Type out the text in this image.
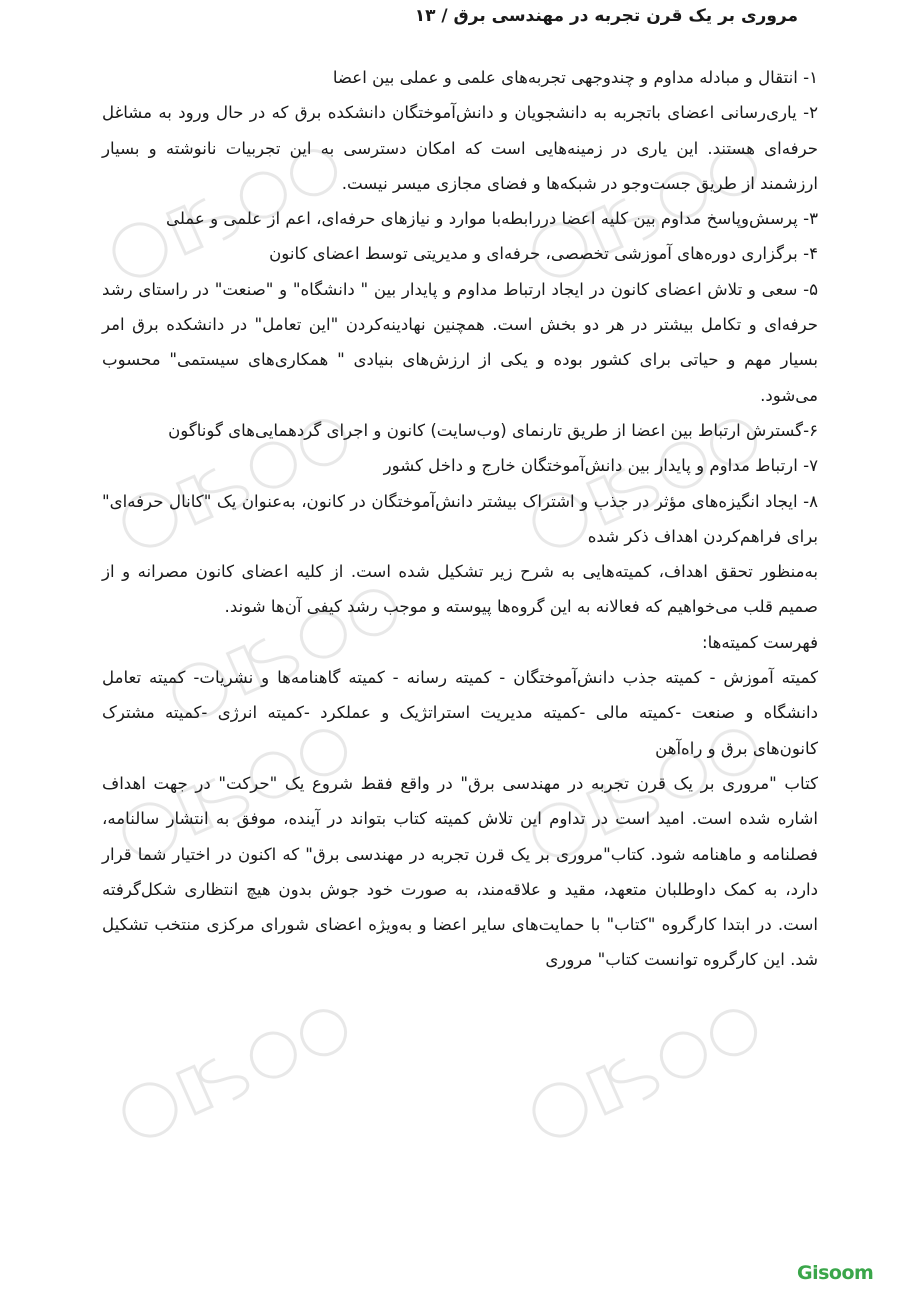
مروری بر یک قرن تجربه در مهندسی برق / ۱۳

۱- انتقال و مبادله مداوم و چندوجهی تجربه‌های علمی و عملی بین اعضا

۲- یاری‌رسانی اعضای باتجربه به دانشجویان و دانش‌آموختگان دانشکده برق که در حال ورود به مشاغل حرفه‌ای هستند. این یاری در زمینه‌هایی است که امکان دسترسی به این تجربیات نانوشته و بسیار ارزشمند از طریق جست‌وجو در شبکه‌ها و فضای مجازی میسر نیست.

۳- پرسش‌وپاسخ مداوم بین کلیه اعضا دررابطه‌با موارد و نیازهای حرفه‌ای، اعم از علمی و عملی

۴- برگزاری دوره‌های آموزشی تخصصی، حرفه‌ای و مدیریتی توسط اعضای کانون

۵- سعی و تلاش اعضای کانون در ایجاد ارتباط مداوم و پایدار بین " دانشگاه" و "صنعت" در راستای رشد حرفه‌ای و تکامل بیشتر در هر دو بخش است. همچنین نهادینه‌کردن "این تعامل" در دانشکده برق امر بسیار مهم و حیاتی برای کشور بوده و یکی از ارزش‌های بنیادی " همکاری‌های سیستمی" محسوب می‌شود.

۶-گسترش ارتباط بین اعضا از طریق تارنمای (وب‌سایت) کانون و اجرای گردهمایی‌های گوناگون

۷- ارتباط مداوم و پایدار بین دانش‌آموختگان خارج و داخل کشور

۸- ایجاد انگیزه‌های مؤثر در جذب و اشتراک بیشتر دانش‌آموختگان در کانون، به‌عنوان یک "کانال حرفه‌ای" برای فراهم‌کردن اهداف ذکر شده

به‌منظور تحقق اهداف، کمیته‌هایی به شرح زیر تشکیل شده است. از کلیه اعضای کانون مصرانه و از صمیم قلب می‌خواهیم که فعالانه به این گروه‌ها پیوسته و موجب رشد کیفی آن‌ها شوند.

فهرست کمیته‌ها:

کمیته آموزش - کمیته جذب دانش‌آموختگان - کمیته رسانه - کمیته گاهنامه‌ها و نشریات- کمیته تعامل دانشگاه و صنعت -کمیته مالی -کمیته مدیریت استراتژیک و عملکرد -کمیته انرژی -کمیته مشترک کانون‌های برق و راه‌آهن

کتاب "مروری بر یک قرن تجربه در مهندسی برق" در واقع فقط شروع یک "حرکت" در جهت اهداف اشاره شده است. امید است در تداوم این تلاش کمیته کتاب بتواند در آینده، موفق به انتشار سالنامه، فصلنامه و ماهنامه شود. کتاب"مروری بر یک قرن تجربه در مهندسی برق" که اکنون در اختیار شما قرار دارد، به کمک داوطلبان متعهد، مقید و علاقه‌مند، به صورت خود جوش بدون هیچ انتظاری شکل‌گرفته است. در ابتدا کارگروه "کتاب" با حمایت‌های سایر اعضا و به‌ویژه اعضای شورای مرکزی منتخب تشکیل شد. این کارگروه توانست کتاب" مروری

Gisoom
